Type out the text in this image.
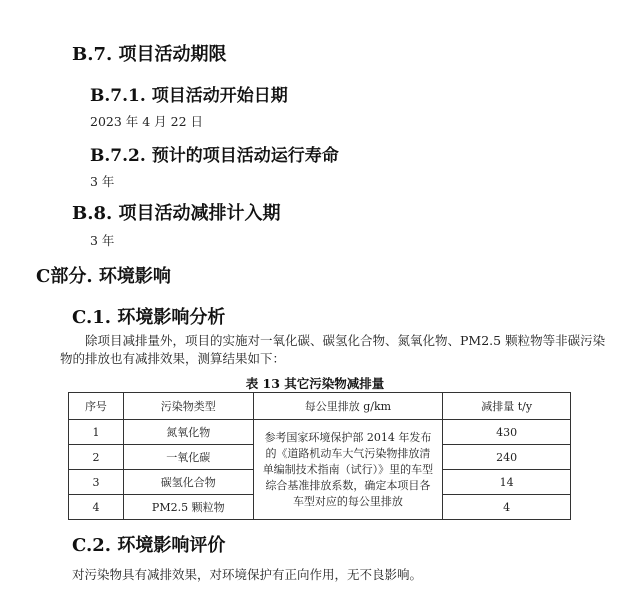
B.7. 项目活动期限
B.7.1. 项目活动开始日期
2023 年 4 月 22 日
B.7.2. 预计的项目活动运行寿命
3 年
B.8. 项目活动减排计入期
3 年
C部分. 环境影响
C.1. 环境影响分析
除项目减排量外，项目的实施对一氧化碳、碳氢化合物、氮氧化物、PM2.5 颗粒物等非碳污染物的排放也有减排效果，测算结果如下：
表 13 其它污染物减排量
序号	污染物类型	每公里排放 g/km	减排量 t/y
1	氮氧化物	参考国家环境保护部 2014 年发布的《道路机动车大气污染物排放清单编制技术指南（试行）》里的车型综合基准排放系数，确定本项目各车型对应的每公里排放	430
2	一氧化碳		240
3	碳氢化合物		14
4	PM2.5 颗粒物		4
C.2. 环境影响评价
对污染物具有减排效果，对环境保护有正向作用，无不良影响。
